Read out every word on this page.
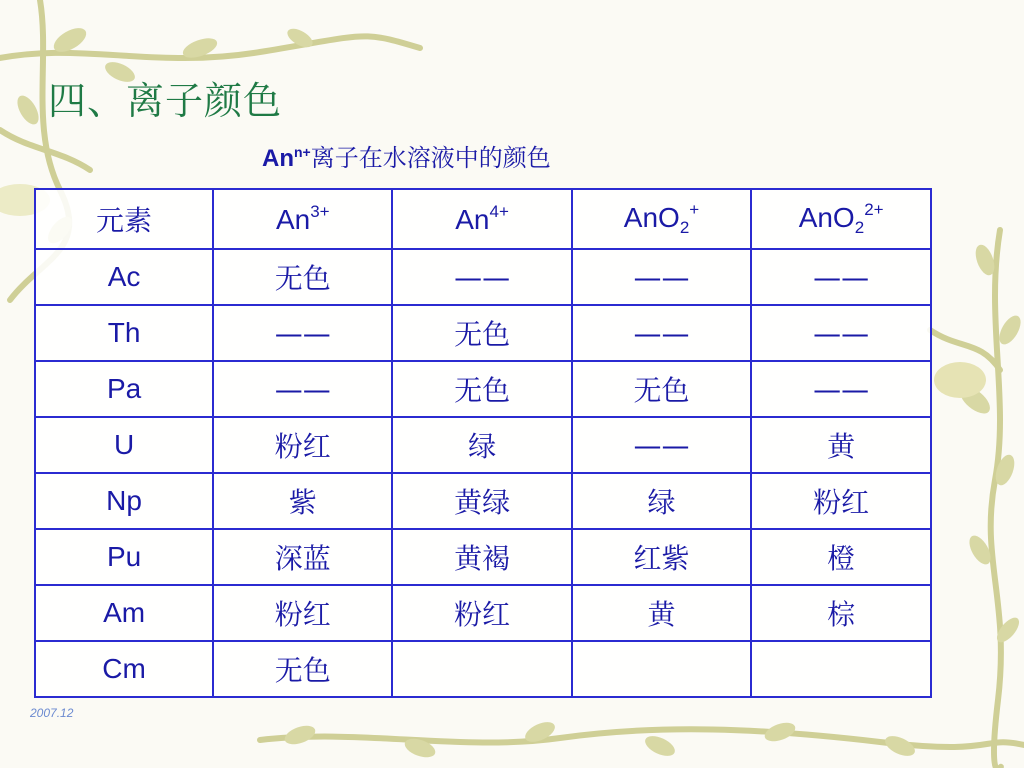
四、离子颜色
$An^{n+}$离子在水溶液中的颜色
元素	$An^{3+}$	$An^{4+}$	AnO$_2$+	AnO$_2^{2+}$
Ac	无色	——	——	——
Th	——	无色	——	——
Pa	——	无色	无色	——
U	粉红	绿	——	黄
Np	紫	黄绿	绿	粉红
Pu	深蓝	黄褐	红紫	橙
Am	粉红	粉红	黄	棕
Cm	无色			
2007.12
